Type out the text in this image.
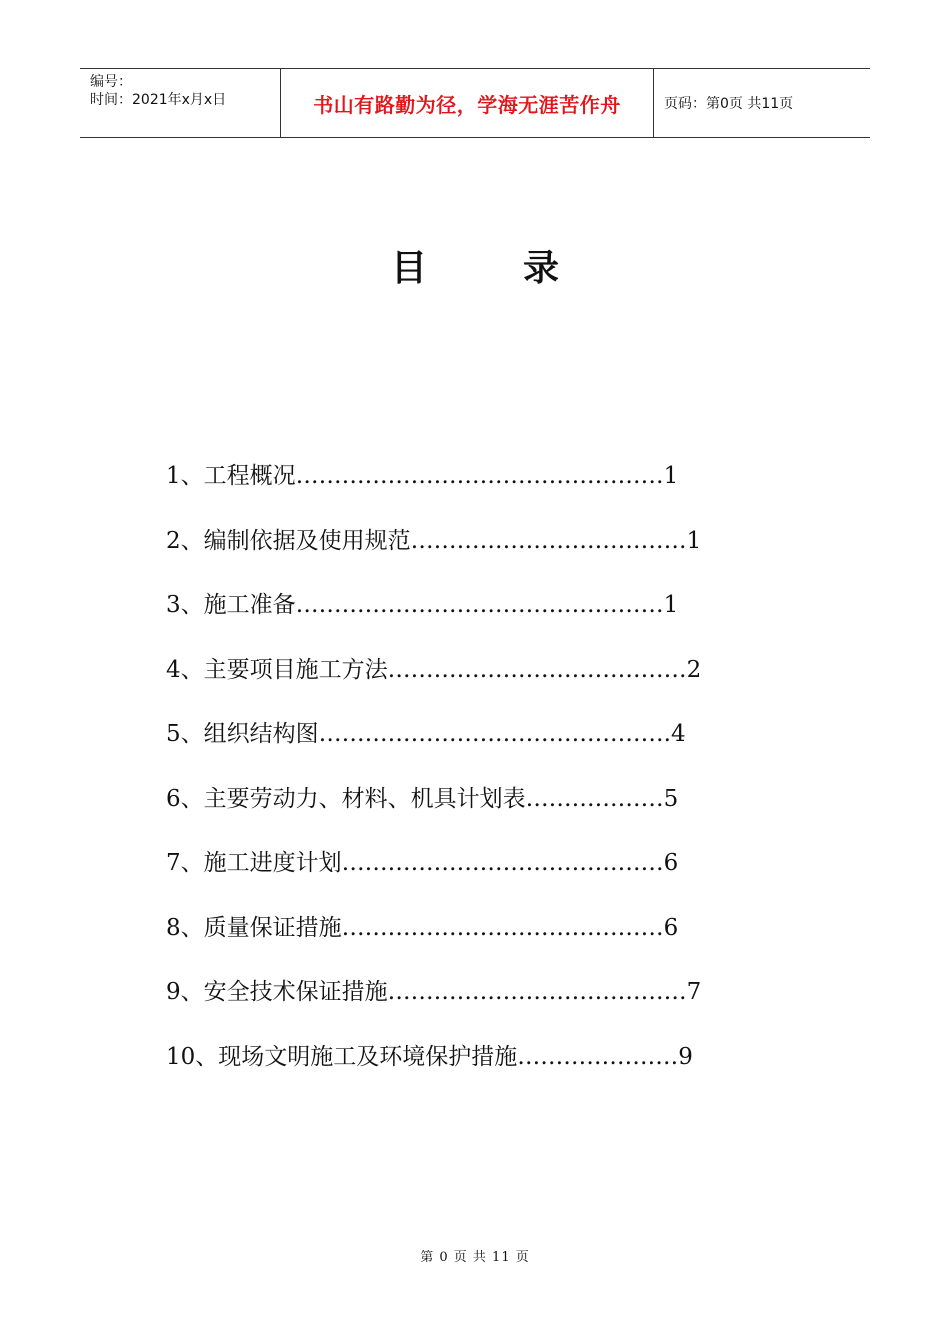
编号：
时间：2021年x月x日	书山有路勤为径，学海无涯苦作舟	页码：第0页 共11页
目	录
1、工程概况…………………………………………1
2、编制依据及使用规范………………………………1
3、施工准备…………………………………………1
4、主要项目施工方法…………………………………2
5、组织结构图……………………………………….4
6、主要劳动力、材料、机具计划表………………5
7、施工进度计划……………………………………6
8、质量保证措施……………………………………6
9、安全技术保证措施…………………………………7
10、现场文明施工及环境保护措施…………………9
第 0 页 共 11 页
